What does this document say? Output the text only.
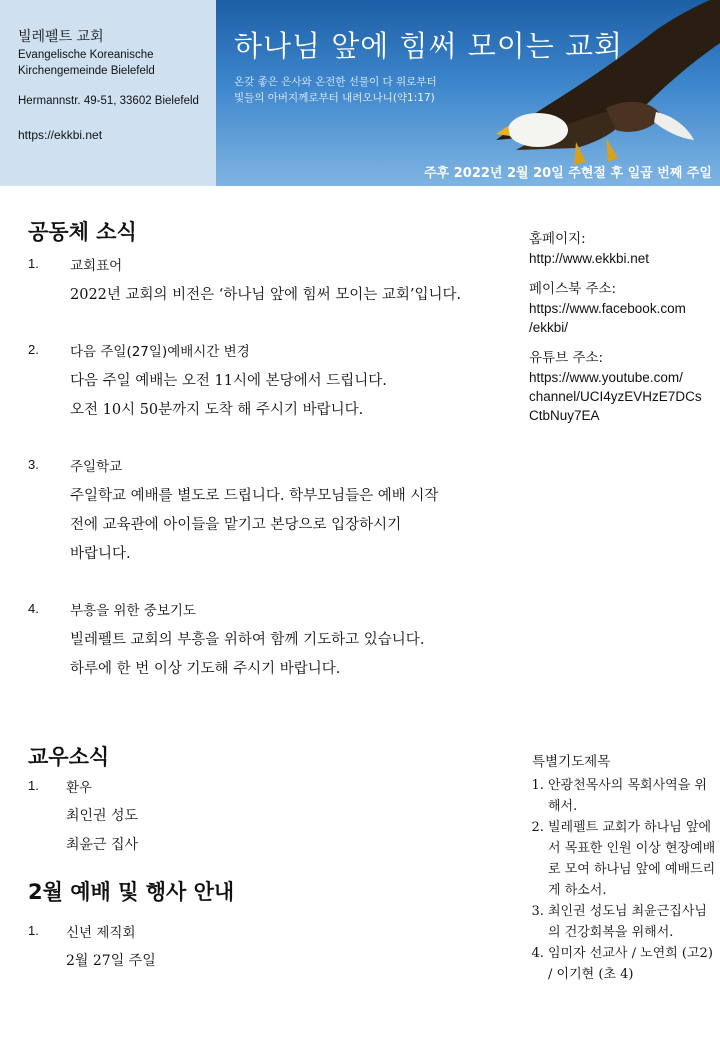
빌레펠트 교회
Evangelische Koreanische
Kirchengemeinde Bielefeld
Hermannstr. 49-51, 33602 Bielefeld
https://ekkbi.net
하나님 앞에 힘써 모이는 교회
온갖 좋은 은사와 온전한 선물이 다 위로부터
빛들의 아버지께로부터 내려오나니(약1:17)
주후 2022년 2월 20일 주현절 후 일곱 번째 주일
공동체 소식
1. 교회표어
2022년 교회의 비전은 ‘하나님 앞에 힘써 모이는 교회’입니다.
2. 다음 주일(27일)예배시간 변경
다음 주일 예배는 오전 11시에 본당에서 드립니다.
오전 10시 50분까지 도착 해 주시기 바랍니다.
3. 주일학교
주일학교 예배를 별도로 드립니다. 학부모님들은 예배 시작
전에 교육관에 아이들을 맡기고 본당으로 입장하시기
바랍니다.
4. 부흥을 위한 중보기도
빌레펠트 교회의 부흥을 위하여 함께 기도하고 있습니다.
하루에 한 번 이상 기도해 주시기 바랍니다.
교우소식
1. 환우
최인권 성도
최윤근 집사
2월 예배 및 행사 안내
1. 신년 제직회
2월 27일 주일
홈페이지:
http://www.ekkbi.net
페이스북 주소:
https://www.facebook.com
/ekkbi/
유튜브 주소:
https://www.youtube.com/
channel/UCI4yzEVHzE7DCs
CtbNuy7EA
특별기도제목
1. 안광천목사의 목회사역을 위해서.
2. 빌레펠트 교회가 하나님 앞에서 목표한 인원 이상 현장예배로 모여 하나님 앞에 예배드리게 하소서.
3. 최인권 성도님 최윤근집사님의 건강회복을 위해서.
4. 임미자 선교사 / 노연희 (고2) / 이기현 (초 4)
